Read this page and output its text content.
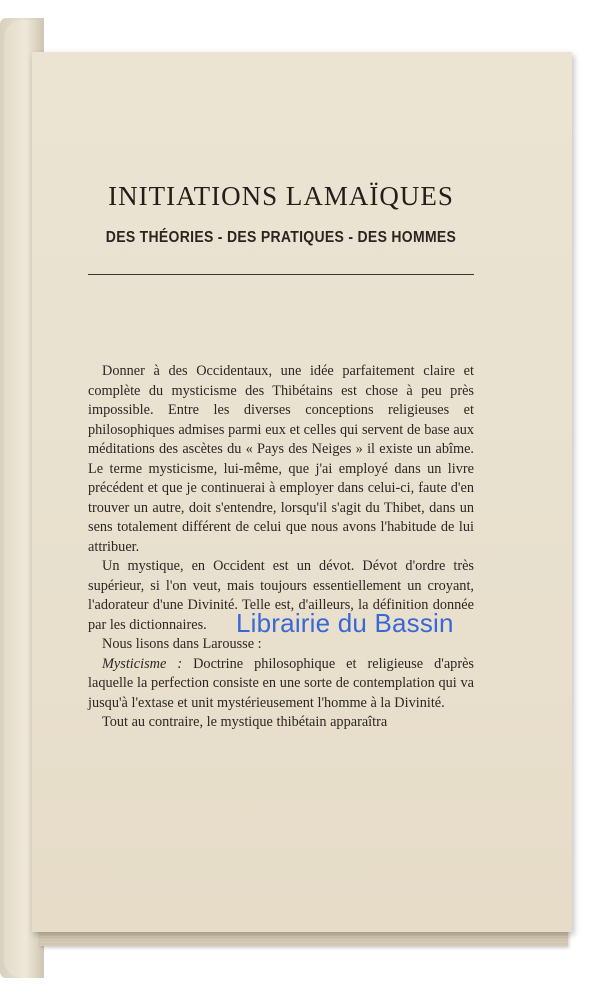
INITIATIONS LAMAÏQUES
DES THÉORIES - DES PRATIQUES - DES HOMMES

Donner à des Occidentaux, une idée parfaitement claire et complète du mysticisme des Thibétains est chose à peu près impossible. Entre les diverses conceptions religieuses et philosophiques admises parmi eux et celles qui servent de base aux méditations des ascètes du « Pays des Neiges » il existe un abîme. Le terme mysticisme, lui-même, que j'ai employé dans un livre précédent et que je continuerai à employer dans celui-ci, faute d'en trouver un autre, doit s'entendre, lorsqu'il s'agit du Thibet, dans un sens totalement différent de celui que nous avons l'habitude de lui attribuer.

Un mystique, en Occident est un dévot. Dévot d'ordre très supérieur, si l'on veut, mais toujours essentiellement un croyant, l'adorateur d'une Divinité. Telle est, d'ailleurs, la définition donnée par les dictionnaires.

Nous lisons dans Larousse :

Mysticisme : Doctrine philosophique et religieuse d'après laquelle la perfection consiste en une sorte de contemplation qui va jusqu'à l'extase et unit mystérieusement l'homme à la Divinité.

Tout au contraire, le mystique thibétain apparaîtra

Librairie du Bassin
